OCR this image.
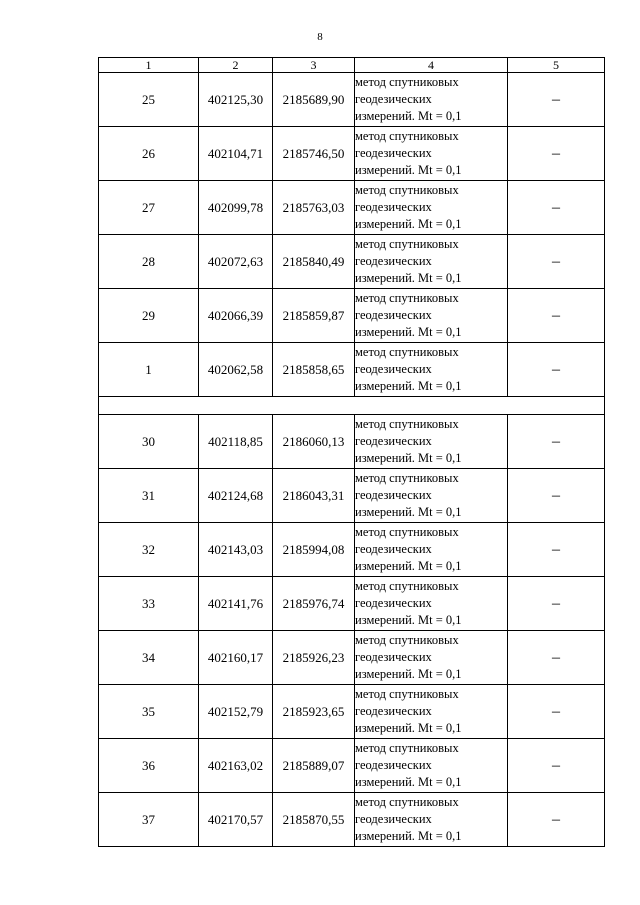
8
1	2	3	4	5
25	402125,30	2185689,90	метод спутниковых
геодезических
измерений. Mt = 0,1	–
26	402104,71	2185746,50	метод спутниковых
геодезических
измерений. Mt = 0,1	–
27	402099,78	2185763,03	метод спутниковых
геодезических
измерений. Mt = 0,1	–
28	402072,63	2185840,49	метод спутниковых
геодезических
измерений. Mt = 0,1	–
29	402066,39	2185859,87	метод спутниковых
геодезических
измерений. Mt = 0,1	–
1	402062,58	2185858,65	метод спутниковых
геодезических
измерений. Mt = 0,1	–

30	402118,85	2186060,13	метод спутниковых
геодезических
измерений. Mt = 0,1	–
31	402124,68	2186043,31	метод спутниковых
геодезических
измерений. Mt = 0,1	–
32	402143,03	2185994,08	метод спутниковых
геодезических
измерений. Mt = 0,1	–
33	402141,76	2185976,74	метод спутниковых
геодезических
измерений. Mt = 0,1	–
34	402160,17	2185926,23	метод спутниковых
геодезических
измерений. Mt = 0,1	–
35	402152,79	2185923,65	метод спутниковых
геодезических
измерений. Mt = 0,1	–
36	402163,02	2185889,07	метод спутниковых
геодезических
измерений. Mt = 0,1	–
37	402170,57	2185870,55	метод спутниковых
геодезических
измерений. Mt = 0,1	–
